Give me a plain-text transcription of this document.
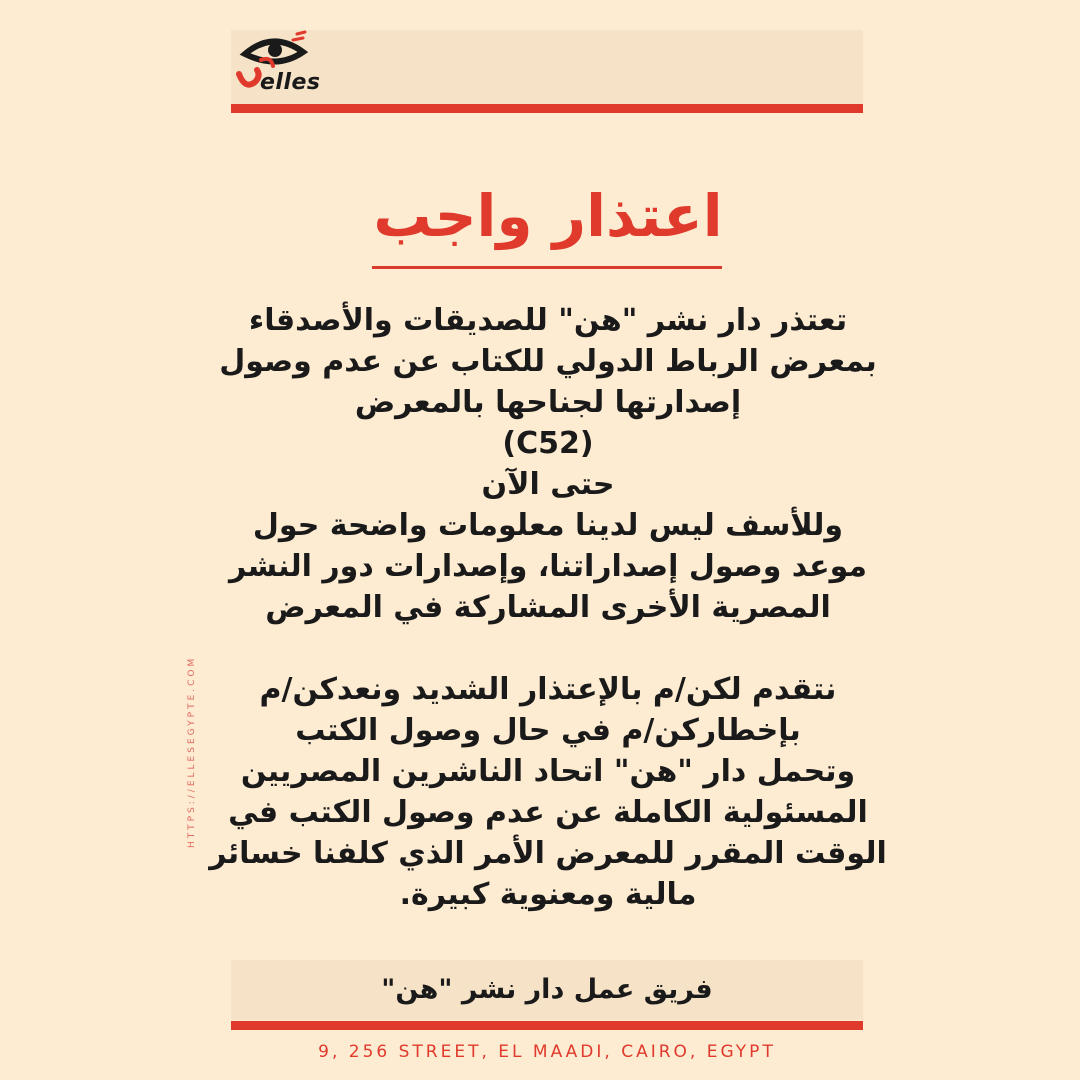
elles
اعتذار واجب
تعتذر دار نشر "هن" للصديقات والأصدقاء
بمعرض الرباط الدولي للكتاب عن عدم وصول
إصدارتها لجناحها بالمعرض
(C52)
حتى الآن
وللأسف ليس لدينا معلومات واضحة حول
موعد وصول إصداراتنا، وإصدارات دور النشر
المصرية الأخرى المشاركة في المعرض
نتقدم لكن/م بالإعتذار الشديد ونعدكن/م
بإخطاركن/م في حال وصول الكتب
وتحمل دار "هن" اتحاد الناشرين المصريين
المسئولية الكاملة عن عدم وصول الكتب في
الوقت المقرر للمعرض الأمر الذي كلفنا خسائر
مالية ومعنوية كبيرة.
HTTPS://ELLESEGYPTE.COM
فريق عمل دار نشر "هن"
9, 256 STREET, EL MAADI, CAIRO, EGYPT
